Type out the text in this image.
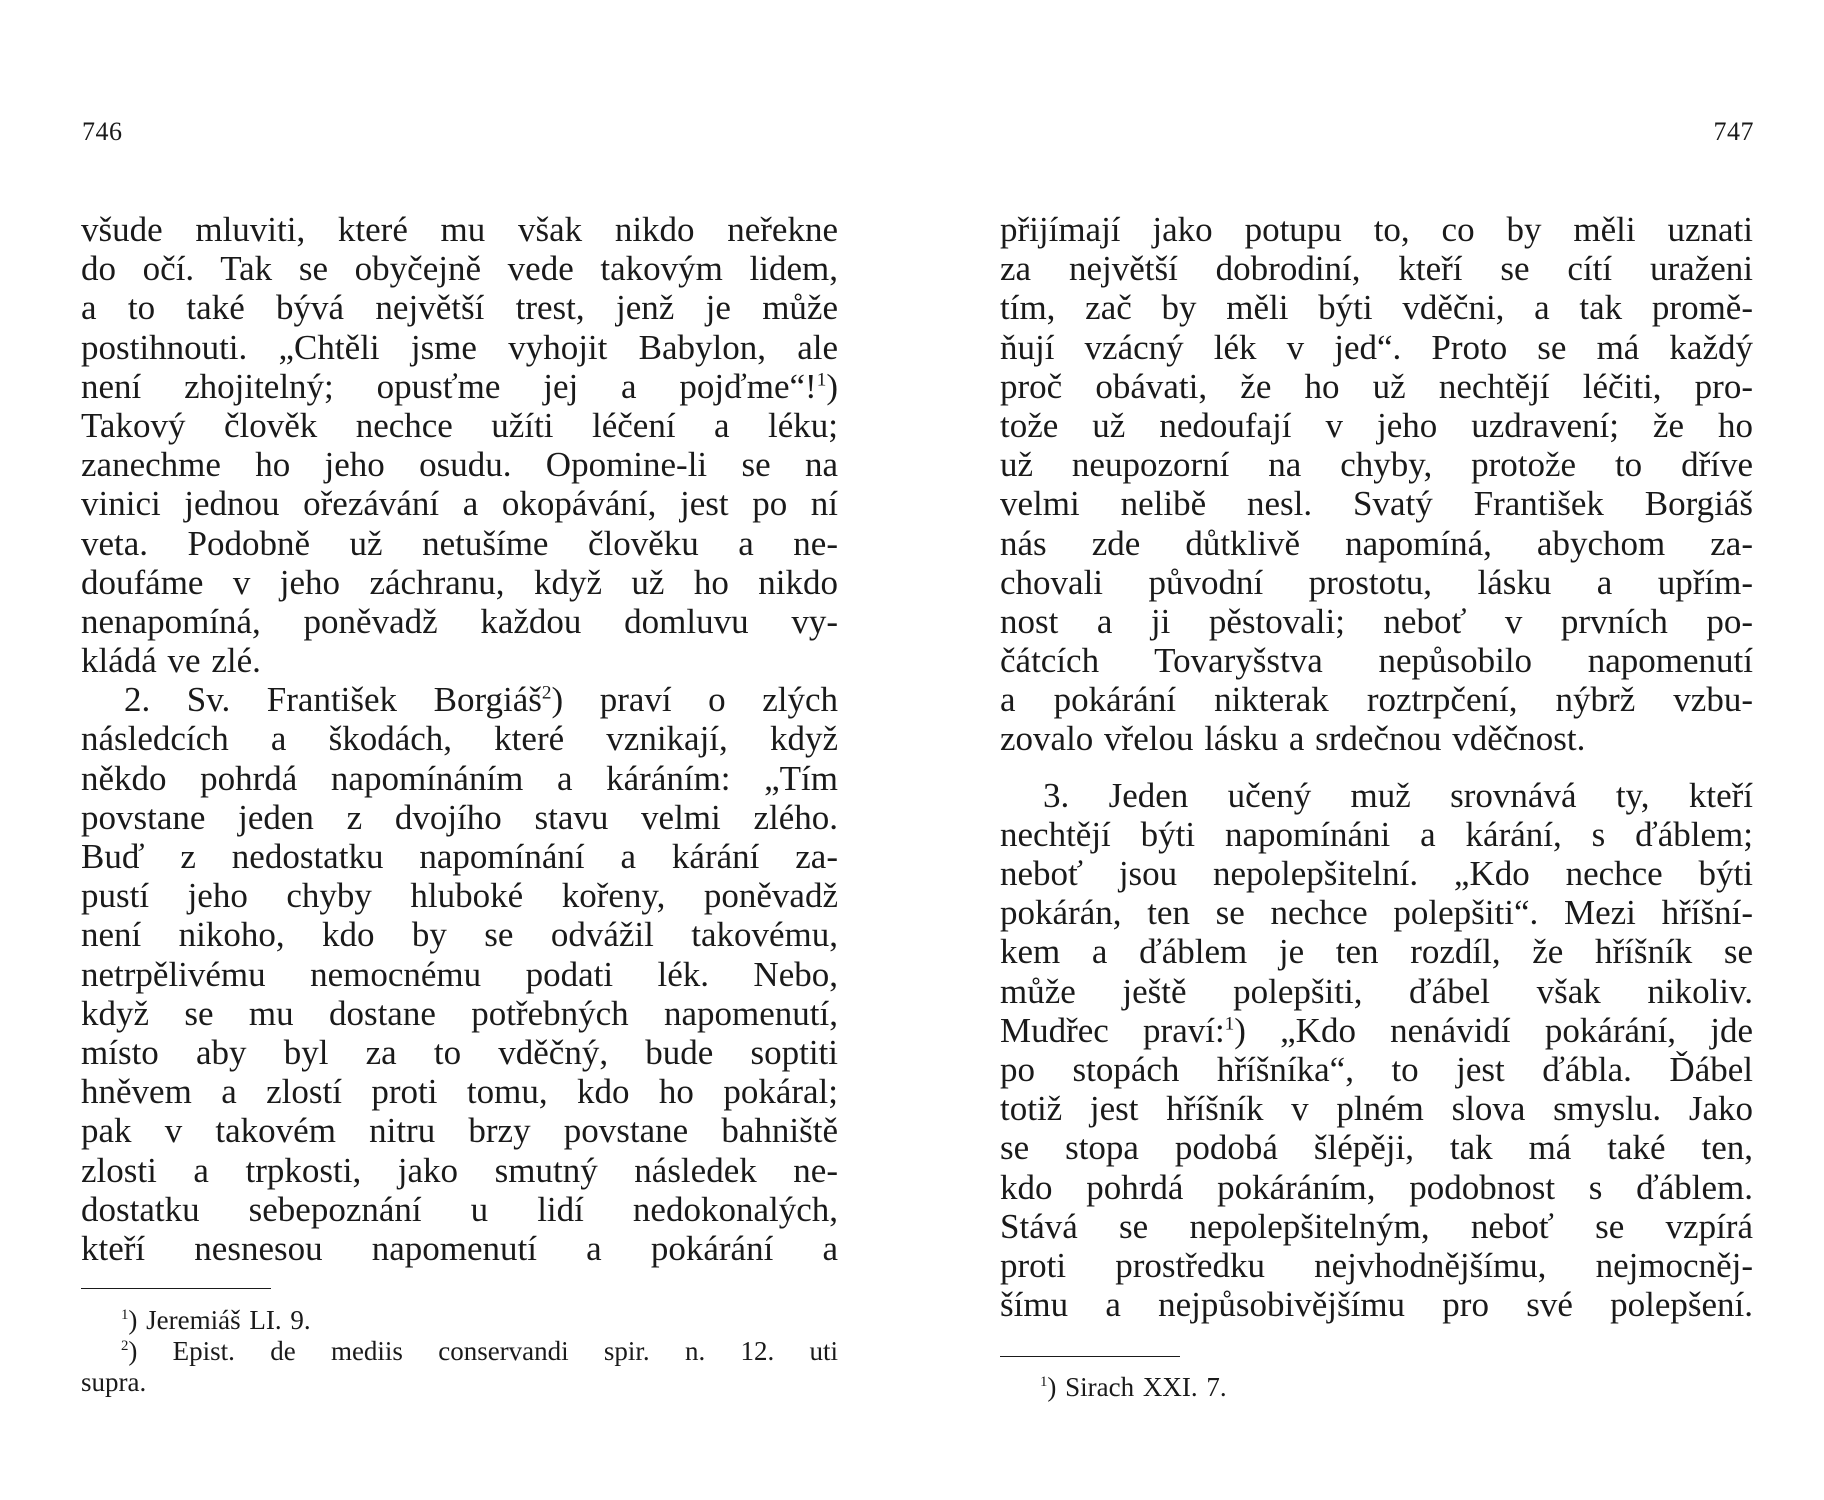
746
všude mluviti, které mu však nikdo neřekne
do očí. Tak se obyčejně vede takovým lidem,
a to také bývá největší trest, jenž je může
postihnouti. „Chtěli jsme vyhojit Babylon, ale
není zhojitelný; opusťme jej a pojďme“!$^1$)
Takový člověk nechce užíti léčení a léku;
zanechme ho jeho osudu. Opomine-li se na
vinici jednou ořezávání a okopávání, jest po ní
veta. Podobně už netušíme člověku a ne-
doufáme v jeho záchranu, když už ho nikdo
nenapomíná, poněvadž každou domluvu vy-
kládá ve zlé.
2. Sv. František Borgiáš$^2$) praví o zlých
následcích a škodách, které vznikají, když
někdo pohrdá napomínáním a káráním: „Tím
povstane jeden z dvojího stavu velmi zlého.
Buď z nedostatku napomínání a kárání za-
pustí jeho chyby hluboké kořeny, poněvadž
není nikoho, kdo by se odvážil takovému,
netrpělivému nemocnému podati lék. Nebo,
když se mu dostane potřebných napomenutí,
místo aby byl za to vděčný, bude soptiti
hněvem a zlostí proti tomu, kdo ho pokáral;
pak v takovém nitru brzy povstane bahniště
zlosti a trpkosti, jako smutný následek ne-
dostatku sebepoznání u lidí nedokonalých,
kteří nesnesou napomenutí a pokárání a
$^1$) Jeremiáš LI. 9.
$^2$) Epist. de mediis conservandi spir. n. 12. uti
supra.
747
přijímají jako potupu to, co by měli uznati
za největší dobrodiní, kteří se cítí uraženi
tím, zač by měli býti vděčni, a tak promě-
ňují vzácný lék v jed“. Proto se má každý
proč obávati, že ho už nechtějí léčiti, pro-
tože už nedoufají v jeho uzdravení; že ho
už neupozorní na chyby, protože to dříve
velmi nelibě nesl. Svatý František Borgiáš
nás zde důtklivě napomíná, abychom za-
chovali původní prostotu, lásku a upřím-
nost a ji pěstovali; neboť v prvních po-
čátcích Tovaryšstva nepůsobilo napomenutí
a pokárání nikterak roztrpčení, nýbrž vzbu-
zovalo vřelou lásku a srdečnou vděčnost.
3. Jeden učený muž srovnává ty, kteří
nechtějí býti napomínáni a kárání, s ďáblem;
neboť jsou nepolepšitelní. „Kdo nechce býti
pokárán, ten se nechce polepšiti“. Mezi hříšní-
kem a ďáblem je ten rozdíl, že hříšník se
může ještě polepšiti, ďábel však nikoliv.
Mudřec praví:$^1$) „Kdo nenávidí pokárání, jde
po stopách hříšníka“, to jest ďábla. Ďábel
totiž jest hříšník v plném slova smyslu. Jako
se stopa podobá šlépěji, tak má také ten,
kdo pohrdá pokáráním, podobnost s ďáblem.
Stává se nepolepšitelným, neboť se vzpírá
proti prostředku nejvhodnějšímu, nejmocněj-
šímu a nejpůsobivějšímu pro své polepšení.
$^1$) Sirach XXI. 7.
